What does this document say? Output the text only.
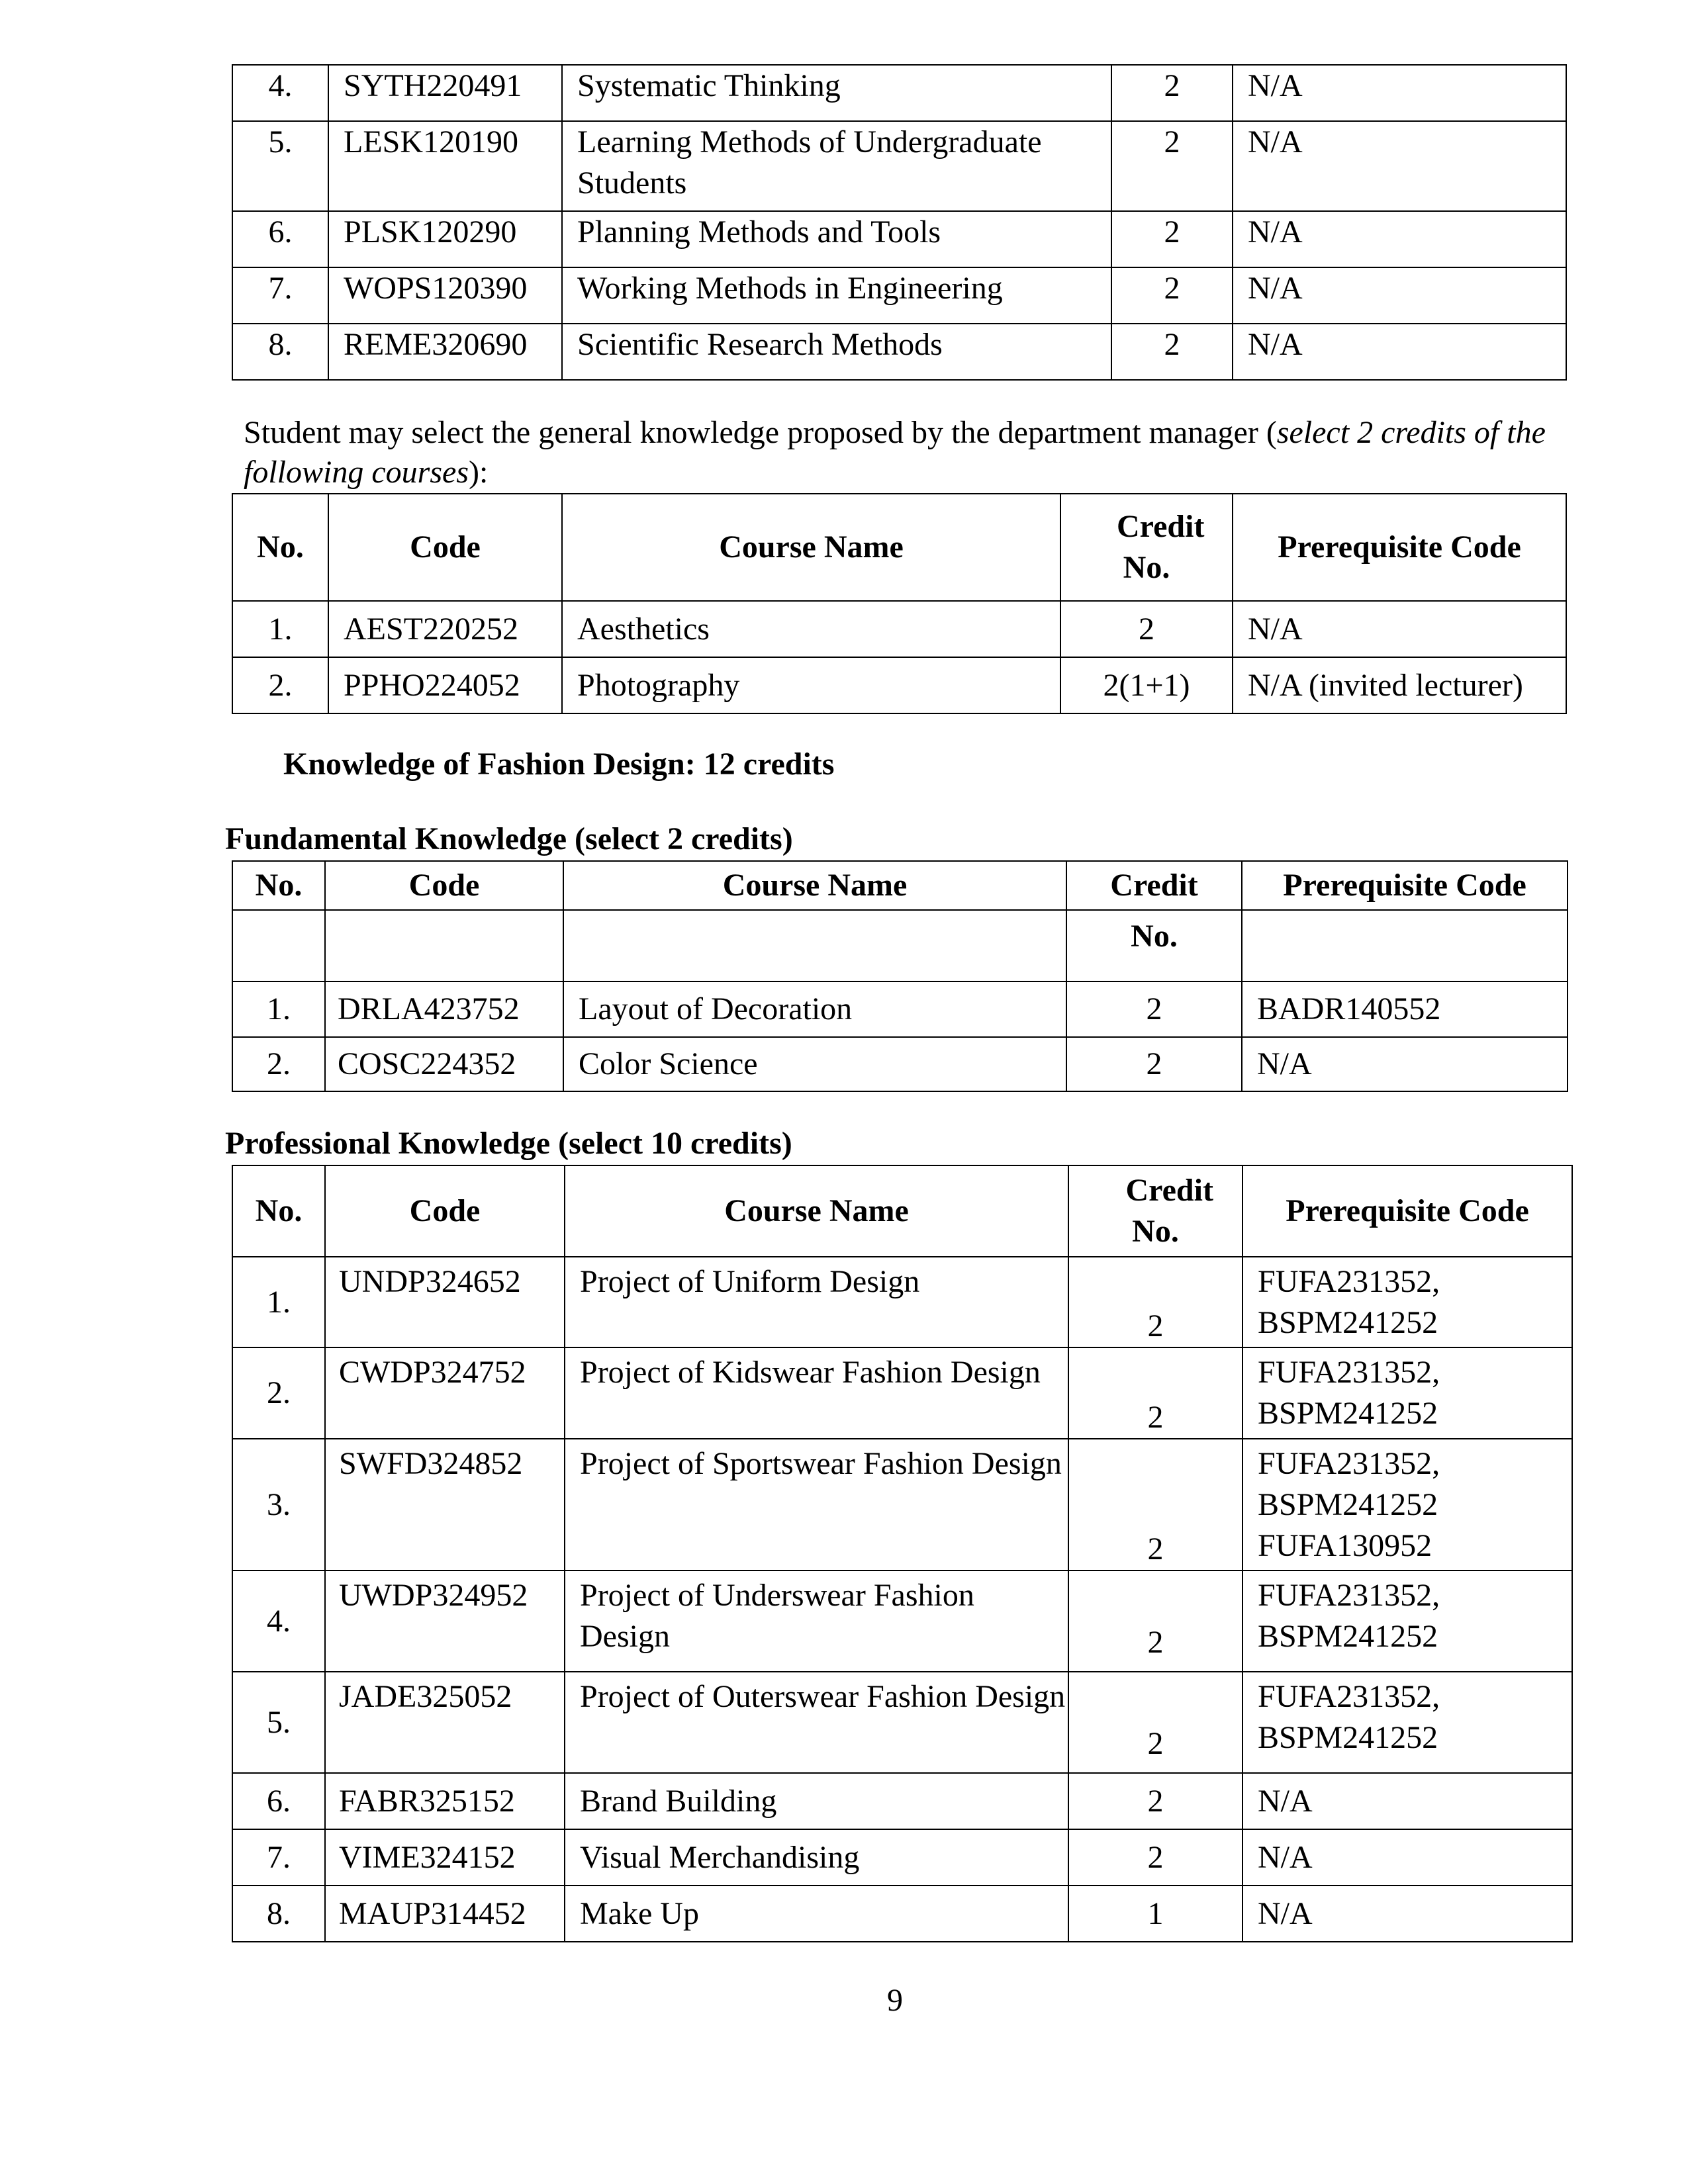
4.	SYTH220491	Systematic Thinking	2	N/A
5.	LESK120190	Learning Methods of Undergraduate Students	2	N/A
6.	PLSK120290	Planning Methods and Tools	2	N/A
7.	WOPS120390	Working Methods in Engineering	2	N/A
8.	REME320690	Scientific Research Methods	2	N/A
Student may select the general knowledge proposed by the department manager (select 2 credits of the following courses):
No.	Code	Course Name	Credit No.	Prerequisite Code
1.	AEST220252	Aesthetics	2	N/A
2.	PPHO224052	Photography	2(1+1)	N/A (invited lecturer)
Knowledge of Fashion Design: 12 credits
Fundamental Knowledge (select 2 credits)
No.	Code	Course Name	Credit	Prerequisite Code
			No.	
1.	DRLA423752	Layout of Decoration	2	BADR140552
2.	COSC224352	Color Science	2	N/A
Professional Knowledge (select 10 credits)
No.	Code	Course Name	Credit No.	Prerequisite Code
1.	UNDP324652	Project of Uniform Design	2	FUFA231352,
BSPM241252
2.	CWDP324752	Project of Kidswear Fashion Design	2	FUFA231352,
BSPM241252
3.	SWFD324852	Project of Sportswear Fashion Design	2	FUFA231352,
BSPM241252
FUFA130952
4.	UWDP324952	Project of Underswear Fashion Design	2	FUFA231352,
BSPM241252
5.	JADE325052	Project of Outerswear Fashion Design	2	FUFA231352,
BSPM241252
6.	FABR325152	Brand Building	2	N/A
7.	VIME324152	Visual Merchandising	2	N/A
8.	MAUP314452	Make Up	1	N/A
9
